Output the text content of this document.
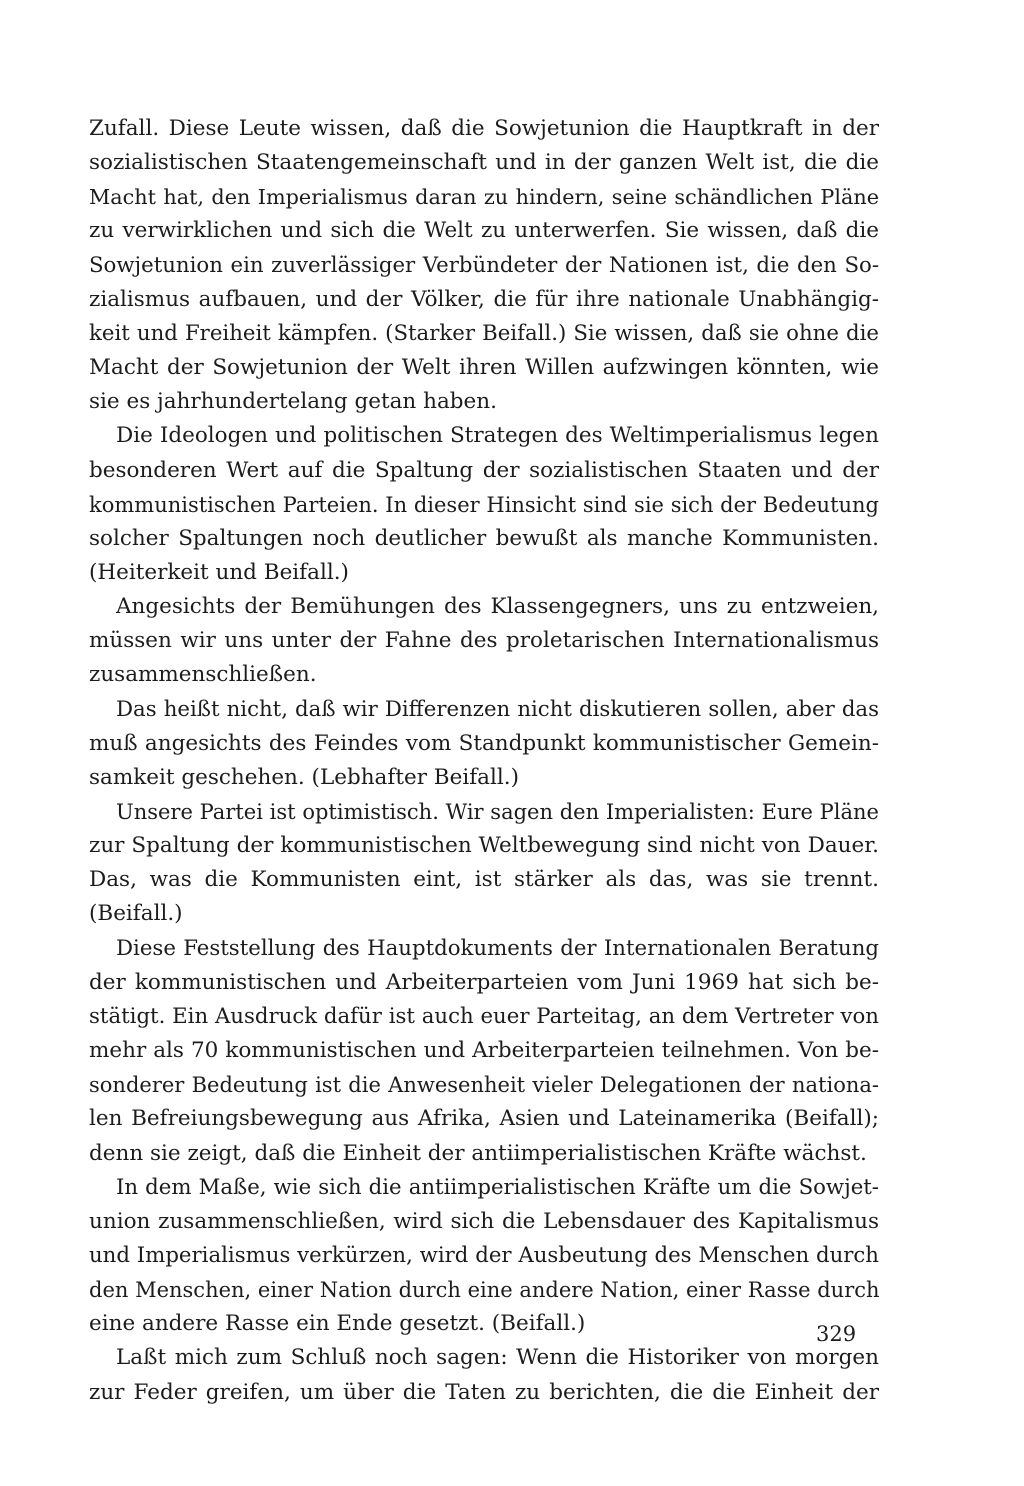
Zufall. Diese Leute wissen, daß die Sowjetunion die Hauptkraft in der
sozialistischen Staatengemeinschaft und in der ganzen Welt ist, die die
Macht hat, den Imperialismus daran zu hindern, seine schändlichen Pläne
zu verwirklichen und sich die Welt zu unterwerfen. Sie wissen, daß die
Sowjetunion ein zuverlässiger Verbündeter der Nationen ist, die den So-
zialismus aufbauen, und der Völker, die für ihre nationale Unabhängig-
keit und Freiheit kämpfen. (Starker Beifall.) Sie wissen, daß sie ohne die
Macht der Sowjetunion der Welt ihren Willen aufzwingen könnten, wie
sie es jahrhundertelang getan haben.
Die Ideologen und politischen Strategen des Weltimperialismus legen
besonderen Wert auf die Spaltung der sozialistischen Staaten und der
kommunistischen Parteien. In dieser Hinsicht sind sie sich der Bedeutung
solcher Spaltungen noch deutlicher bewußt als manche Kommunisten.
(Heiterkeit und Beifall.)
Angesichts der Bemühungen des Klassengegners, uns zu entzweien,
müssen wir uns unter der Fahne des proletarischen Internationalismus
zusammenschließen.
Das heißt nicht, daß wir Differenzen nicht diskutieren sollen, aber das
muß angesichts des Feindes vom Standpunkt kommunistischer Gemein-
samkeit geschehen. (Lebhafter Beifall.)
Unsere Partei ist optimistisch. Wir sagen den Imperialisten: Eure Pläne
zur Spaltung der kommunistischen Weltbewegung sind nicht von Dauer.
Das, was die Kommunisten eint, ist stärker als das, was sie trennt.
(Beifall.)
Diese Feststellung des Hauptdokuments der Internationalen Beratung
der kommunistischen und Arbeiterparteien vom Juni 1969 hat sich be-
stätigt. Ein Ausdruck dafür ist auch euer Parteitag, an dem Vertreter von
mehr als 70 kommunistischen und Arbeiterparteien teilnehmen. Von be-
sonderer Bedeutung ist die Anwesenheit vieler Delegationen der nationa-
len Befreiungsbewegung aus Afrika, Asien und Lateinamerika (Beifall);
denn sie zeigt, daß die Einheit der antiimperialistischen Kräfte wächst.
In dem Maße, wie sich die antiimperialistischen Kräfte um die Sowjet-
union zusammenschließen, wird sich die Lebensdauer des Kapitalismus
und Imperialismus verkürzen, wird der Ausbeutung des Menschen durch
den Menschen, einer Nation durch eine andere Nation, einer Rasse durch
eine andere Rasse ein Ende gesetzt. (Beifall.)
Laßt mich zum Schluß noch sagen: Wenn die Historiker von morgen
zur Feder greifen, um über die Taten zu berichten, die die Einheit der
329
